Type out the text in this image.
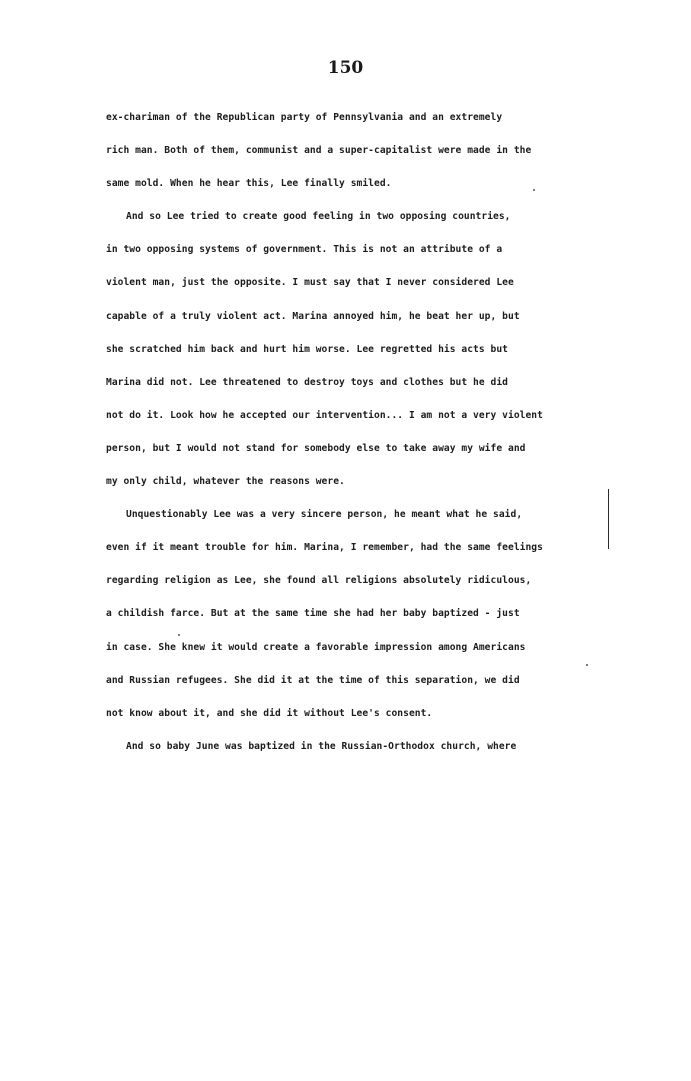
150
ex-chariman of the Republican party of Pennsylvania and an extremely
rich man. Both of them, communist and a super-capitalist were made in the
same mold. When he hear this, Lee finally smiled.
And so Lee tried to create good feeling in two opposing countries,
in two opposing systems of government. This is not an attribute of a
violent man, just the opposite. I must say that I never considered Lee
capable of a truly violent act. Marina annoyed him, he beat her up, but
she scratched him back and hurt him worse. Lee regretted his acts but
Marina did not. Lee threatened to destroy toys and clothes but he did
not do it. Look how he accepted our intervention... I am not a very violent
person, but I would not stand for somebody else to take away my wife and
my only child, whatever the reasons were.
Unquestionably Lee was a very sincere person, he meant what he said,
even if it meant trouble for him. Marina, I remember, had the same feelings
regarding religion as Lee, she found all religions absolutely ridiculous,
a childish farce. But at the same time she had her baby baptized - just
in case. She knew it would create a favorable impression among Americans
and Russian refugees. She did it at the time of this separation, we did
not know about it, and she did it without Lee's consent.
And so baby June was baptized in the Russian-Orthodox church, where
